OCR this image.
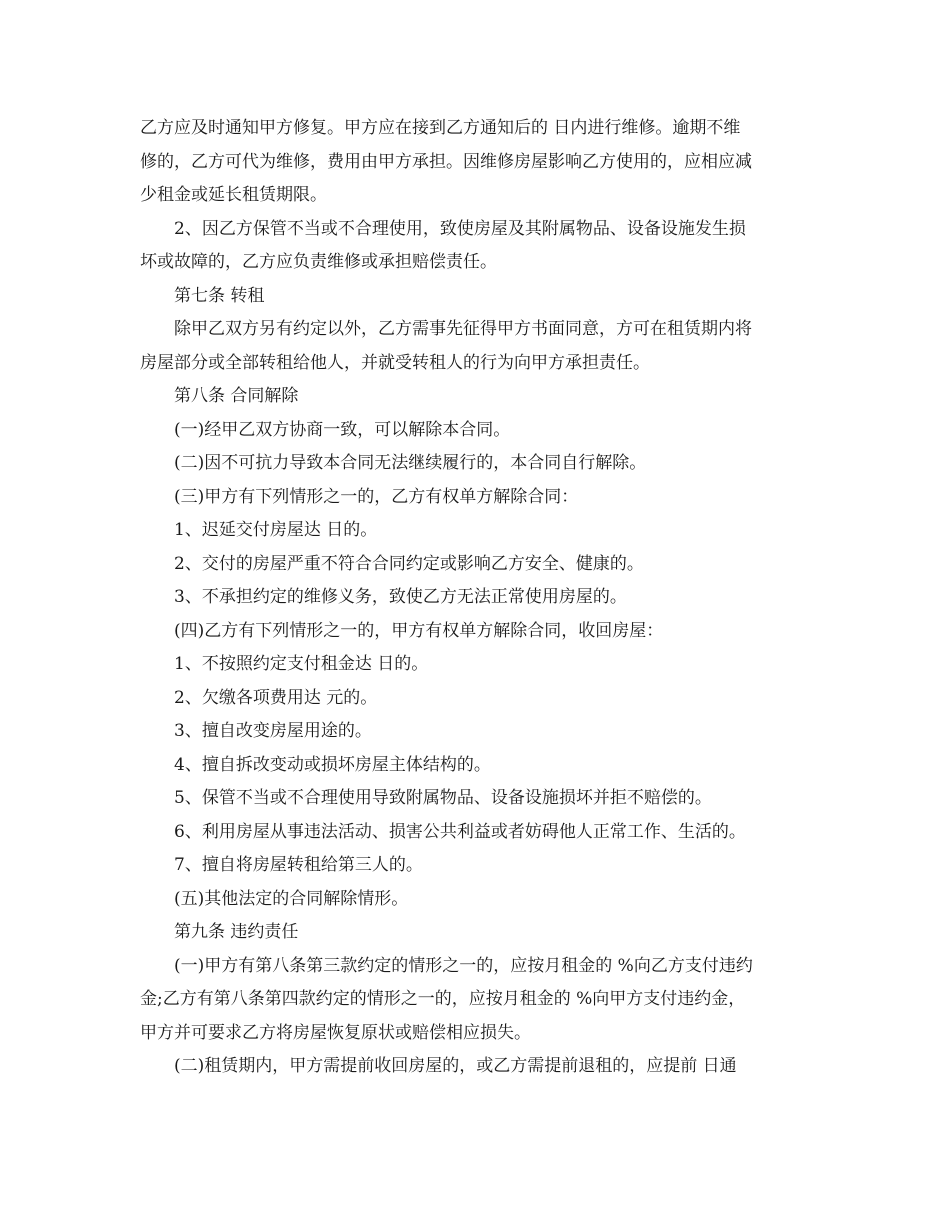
乙方应及时通知甲方修复。甲方应在接到乙方通知后的 日内进行维修。逾期不维
修的，乙方可代为维修，费用由甲方承担。因维修房屋影响乙方使用的，应相应减
少租金或延长租赁期限。
2、因乙方保管不当或不合理使用，致使房屋及其附属物品、设备设施发生损
坏或故障的，乙方应负责维修或承担赔偿责任。
第七条 转租
除甲乙双方另有约定以外，乙方需事先征得甲方书面同意，方可在租赁期内将
房屋部分或全部转租给他人，并就受转租人的行为向甲方承担责任。
第八条 合同解除
(一)经甲乙双方协商一致，可以解除本合同。
(二)因不可抗力导致本合同无法继续履行的，本合同自行解除。
(三)甲方有下列情形之一的，乙方有权单方解除合同：
1、迟延交付房屋达 日的。
2、交付的房屋严重不符合合同约定或影响乙方安全、健康的。
3、不承担约定的维修义务，致使乙方无法正常使用房屋的。
(四)乙方有下列情形之一的，甲方有权单方解除合同，收回房屋：
1、不按照约定支付租金达 日的。
2、欠缴各项费用达 元的。
3、擅自改变房屋用途的。
4、擅自拆改变动或损坏房屋主体结构的。
5、保管不当或不合理使用导致附属物品、设备设施损坏并拒不赔偿的。
6、利用房屋从事违法活动、损害公共利益或者妨碍他人正常工作、生活的。
7、擅自将房屋转租给第三人的。
(五)其他法定的合同解除情形。
第九条 违约责任
(一)甲方有第八条第三款约定的情形之一的，应按月租金的 %向乙方支付违约
金;乙方有第八条第四款约定的情形之一的，应按月租金的 %向甲方支付违约金，
甲方并可要求乙方将房屋恢复原状或赔偿相应损失。
(二)租赁期内，甲方需提前收回房屋的，或乙方需提前退租的，应提前 日通
